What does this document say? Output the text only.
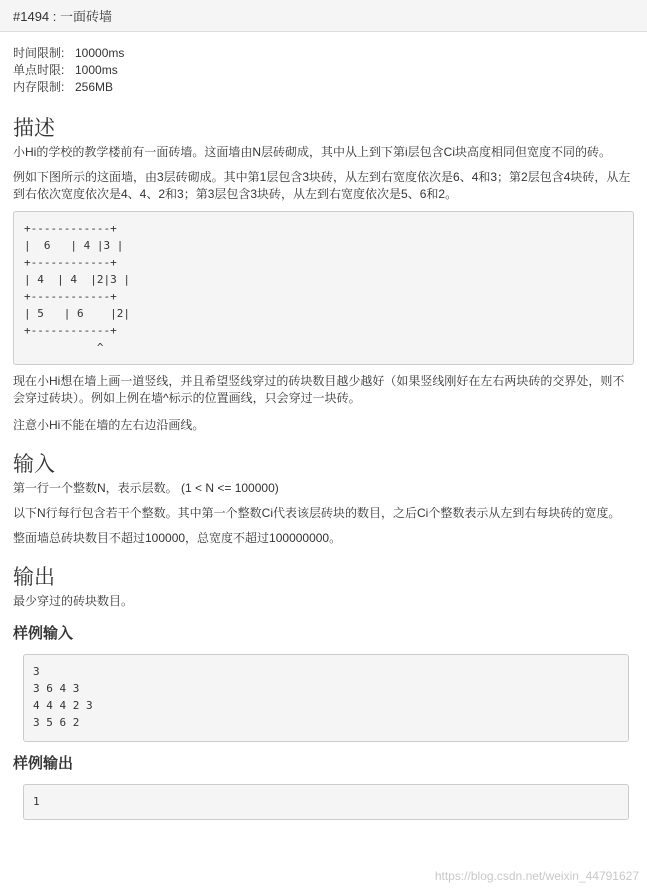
#1494 : 一面砖墙
时间限制: 10000ms
单点时限: 1000ms
内存限制: 256MB
描述

小Hi的学校的教学楼前有一面砖墙。这面墙由N层砖砌成，其中从上到下第i层包含Ci块高度相同但宽度不同的砖。

例如下图所示的这面墙，由3层砖砌成。其中第1层包含3块砖，从左到右宽度依次是6、4和3；第2层包含4块砖，从左到右依次宽度依次是4、4、2和3；第3层包含3块砖，从左到右宽度依次是5、6和2。

+------------+
|  6   | 4 |3 |
+------------+
| 4  | 4  |2|3 |
+------------+
| 5   | 6    |2|
+------------+
^

现在小Hi想在墙上画一道竖线，并且希望竖线穿过的砖块数目越少越好（如果竖线刚好在左右两块砖的交界处，则不会穿过砖块）。例如上例在墙^标示的位置画线，只会穿过一块砖。

注意小Hi不能在墙的左右边沿画线。

输入

第一行一个整数N，表示层数。 (1 < N <= 100000)

以下N行每行包含若干个整数。其中第一个整数Ci代表该层砖块的数目，之后Ci个整数表示从左到右每块砖的宽度。

整面墙总砖块数目不超过100000，总宽度不超过100000000。

输出

最少穿过的砖块数目。

样例输入
3
3 6 4 3
4 4 4 2 3
3 5 6 2
样例输出
1
https://blog.csdn.net/weixin_44791627
